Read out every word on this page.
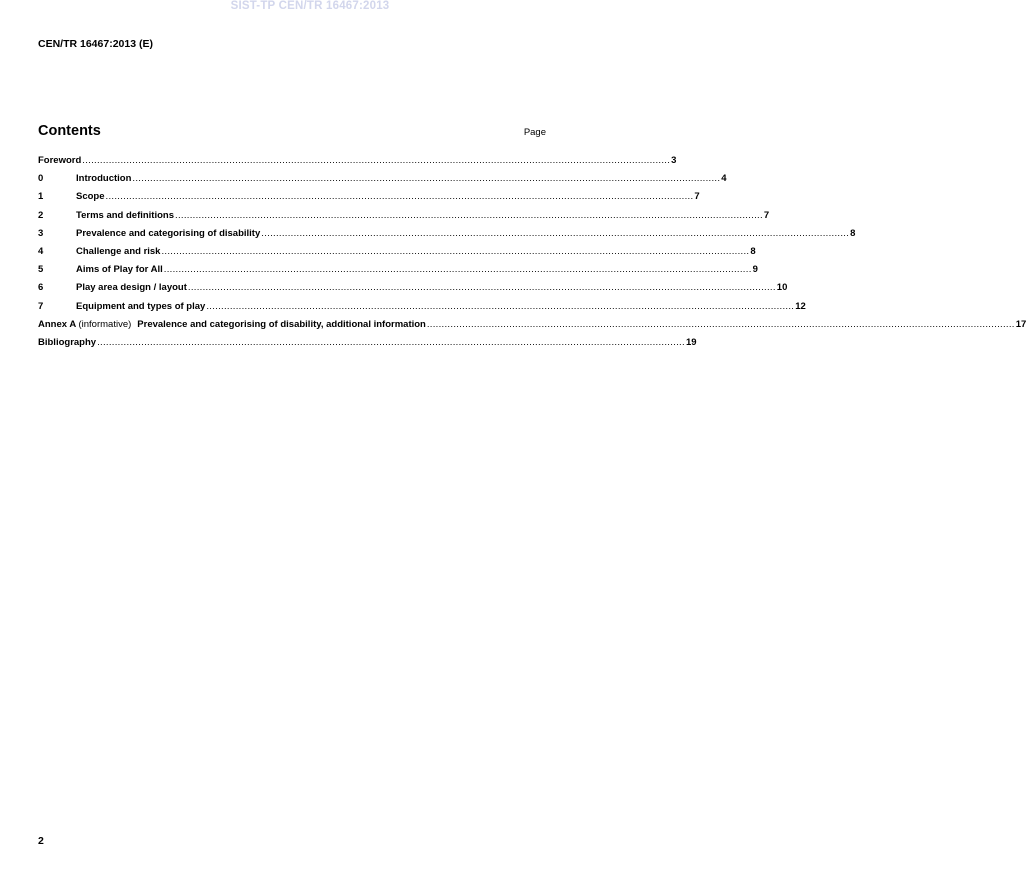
SIST-TP CEN/TR 16467:2013
CEN/TR 16467:2013 (E)
Contents	Page
Foreword ........................................................................................................................................................................................................ 3
0	Introduction ........................................................................................................................................................................................................ 4
1	Scope ........................................................................................................................................................................................................ 7
2	Terms and definitions ........................................................................................................................................................................................................ 7
3	Prevalence and categorising of disability ........................................................................................................................................................................................................ 8
4	Challenge and risk ........................................................................................................................................................................................................ 8
5	Aims of Play for All ........................................................................................................................................................................................................ 9
6	Play area design / layout ........................................................................................................................................................................................................ 10
7	Equipment and types of play ........................................................................................................................................................................................................ 12
Annex A (informative) Prevalence and categorising of disability, additional information ........................................................................................................................................................................................................ 17
Bibliography ........................................................................................................................................................................................................ 19
2
